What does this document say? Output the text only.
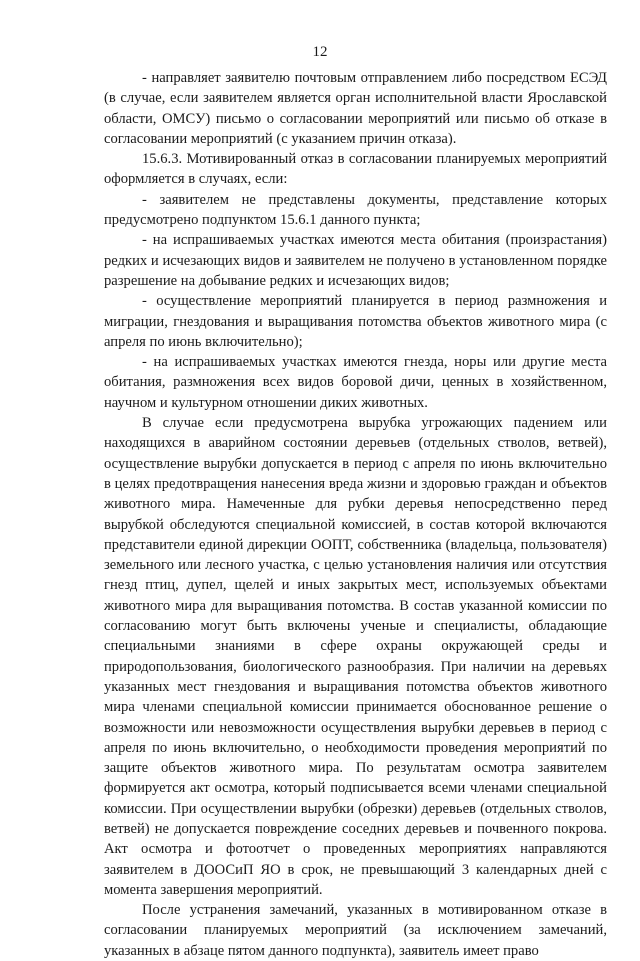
12

- направляет заявителю почтовым отправлением либо посредством ЕСЭД (в случае, если заявителем является орган исполнительной власти Ярославской области, ОМСУ) письмо о согласовании мероприятий или письмо об отказе в согласовании мероприятий (с указанием причин отказа).

15.6.3. Мотивированный отказ в согласовании планируемых мероприятий оформляется в случаях, если:

- заявителем не представлены документы, представление которых предусмотрено подпунктом 15.6.1 данного пункта;

- на испрашиваемых участках имеются места обитания (произрастания) редких и исчезающих видов и заявителем не получено в установленном порядке разрешение на добывание редких и исчезающих видов;

- осуществление мероприятий планируется в период размножения и миграции, гнездования и выращивания потомства объектов животного мира (с апреля по июнь включительно);

- на испрашиваемых участках имеются гнезда, норы или другие места обитания, размножения всех видов боровой дичи, ценных в хозяйственном, научном и культурном отношении диких животных.

В случае если предусмотрена вырубка угрожающих падением или находящихся в аварийном состоянии деревьев (отдельных стволов, ветвей), осуществление вырубки допускается в период с апреля по июнь включительно в целях предотвращения нанесения вреда жизни и здоровью граждан и объектов животного мира. Намеченные для рубки деревья непосредственно перед вырубкой обследуются специальной комиссией, в состав которой включаются представители единой дирекции ООПТ, собственника (владельца, пользователя) земельного или лесного участка, с целью установления наличия или отсутствия гнезд птиц, дупел, щелей и иных закрытых мест, используемых объектами животного мира для выращивания потомства. В состав указанной комиссии по согласованию могут быть включены ученые и специалисты, обладающие специальными знаниями в сфере охраны окружающей среды и природопользования, биологического разнообразия. При наличии на деревьях указанных мест гнездования и выращивания потомства объектов животного мира членами специальной комиссии принимается обоснованное решение о возможности или невозможности осуществления вырубки деревьев в период с апреля по июнь включительно, о необходимости проведения мероприятий по защите объектов животного мира. По результатам осмотра заявителем формируется акт осмотра, который подписывается всеми членами специальной комиссии. При осуществлении вырубки (обрезки) деревьев (отдельных стволов, ветвей) не допускается повреждение соседних деревьев и почвенного покрова. Акт осмотра и фотоотчет о проведенных мероприятиях направляются заявителем в ДООСиП ЯО в срок, не превышающий 3 календарных дней с момента завершения мероприятий.

После устранения замечаний, указанных в мотивированном отказе в согласовании планируемых мероприятий (за исключением замечаний, указанных в абзаце пятом данного подпункта), заявитель имеет право
